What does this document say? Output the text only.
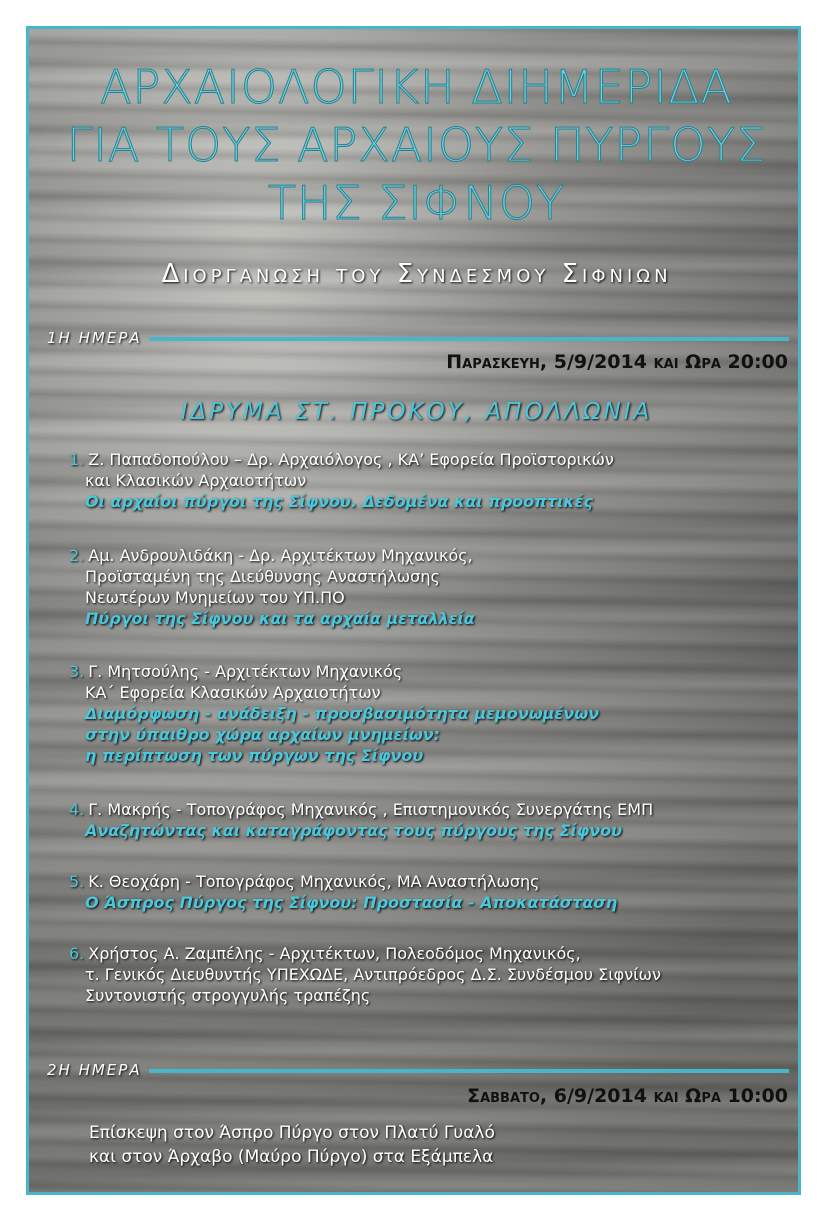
ΑΡΧΑΙΟΛΟΓΙΚΗ ΔΙΗΜΕΡΙΔΑ
ΓΙΑ ΤΟΥΣ ΑΡΧΑΙΟΥΣ ΠΥΡΓΟΥΣ
ΤΗΣ ΣΙΦΝΟΥ
Διοργανωση του Συνδεσμου Σιφνιων
1Η ΗΜΕΡΑ
Παρασκευη, 5/9/2014 και Ωρα 20:00
ΙΔΡΥΜΑ ΣΤ. ΠΡΟΚΟΥ, ΑΠΟΛΛΩΝΙΑ
1. Ζ. Παπαδοπούλου – Δρ. Αρχαιόλογος , ΚΑ’ Εφορεία Προϊστορικών
και Κλασικών Αρχαιοτήτων
Οι αρχαίοι πύργοι της Σίφνου. Δεδομένα και προοπτικές
2. Αμ. Ανδρουλιδάκη - Δρ. Αρχιτέκτων Μηχανικός,
Προϊσταμένη της Διεύθυνσης Αναστήλωσης
Νεωτέρων Μνημείων του ΥΠ.ΠΟ
Πύργοι της Σίφνου και τα αρχαία μεταλλεία
3. Γ. Μητσούλης - Αρχιτέκτων Μηχανικός
ΚΑ΄ Εφορεία Κλασικών Αρχαιοτήτων
Διαμόρφωση - ανάδειξη - προσβασιμότητα μεμονωμένων
στην ύπαιθρο χώρα αρχαίων μνημείων:
η περίπτωση των πύργων της Σίφνου
4. Γ. Μακρής - Τοπογράφος Μηχανικός , Επιστημονικός Συνεργάτης ΕΜΠ
Αναζητώντας και καταγράφοντας τους πύργους της Σίφνου
5. Κ. Θεοχάρη - Τοπογράφος Μηχανικός, ΜΑ Αναστήλωσης
Ο Άσπρος Πύργος της Σίφνου: Προστασία - Αποκατάσταση
6. Χρήστος Α. Ζαμπέλης - Αρχιτέκτων, Πολεοδόμος Μηχανικός,
τ. Γενικός Διευθυντής ΥΠΕΧΩΔΕ, Αντιπρόεδρος Δ.Σ. Συνδέσμου Σιφνίων
Συντονιστής στρογγυλής τραπέζης
2Η ΗΜΕΡΑ
Σαββατο, 6/9/2014 και Ωρα 10:00
Επίσκεψη στον Άσπρο Πύργο στον Πλατύ Γυαλό
και στον Άρχαβο (Μαύρο Πύργο) στα Εξάμπελα
